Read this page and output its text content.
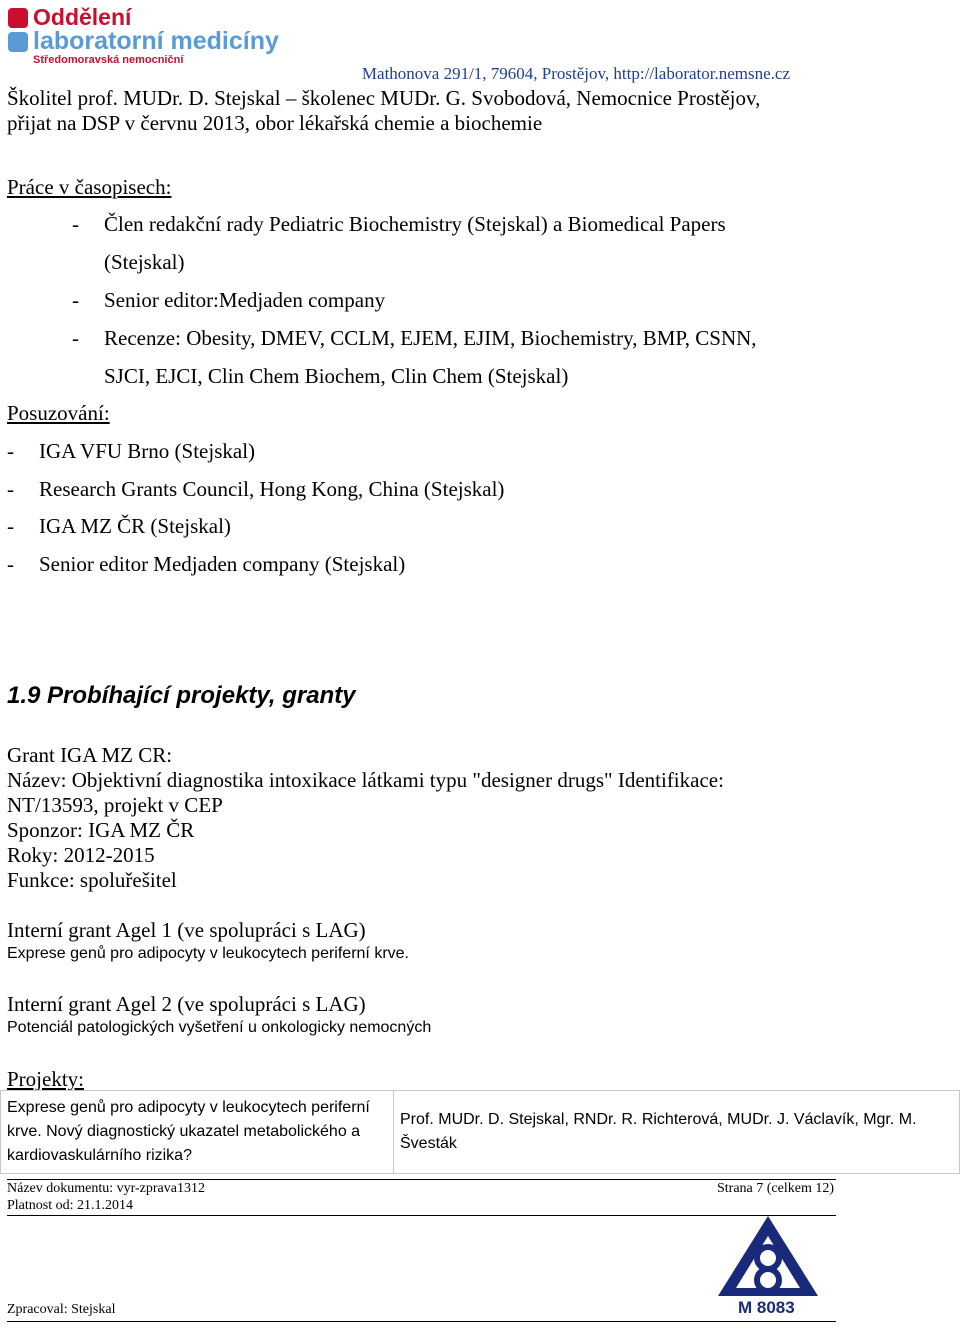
Oddělení
laboratorní medicíny
Středomoravská nemocniční
Mathonova 291/1, 79604, Prostějov, http://laborator.nemsne.cz
Školitel prof. MUDr. D. Stejskal – školenec MUDr. G. Svobodová, Nemocnice Prostějov,
přijat na DSP v červnu 2013, obor lékařská chemie a biochemie
Práce v časopisech:
- Člen redakční rady Pediatric Biochemistry (Stejskal) a Biomedical Papers
(Stejskal)
- Senior editor:Medjaden company
- Recenze: Obesity, DMEV, CCLM, EJEM, EJIM, Biochemistry, BMP, CSNN,
SJCI, EJCI, Clin Chem Biochem, Clin Chem (Stejskal)
Posuzování:
- IGA VFU Brno (Stejskal)
- Research Grants Council, Hong Kong, China (Stejskal)
- IGA MZ ČR (Stejskal)
- Senior editor Medjaden company (Stejskal)
1.9 Probíhající projekty, granty
Grant IGA MZ CR:
Název: Objektivní diagnostika intoxikace látkami typu "designer drugs" Identifikace:
NT/13593, projekt v CEP
Sponzor: IGA MZ ČR
Roky: 2012-2015
Funkce: spoluřešitel
Interní grant Agel 1 (ve spolupráci s LAG)
Exprese genů pro adipocyty v leukocytech periferní krve.
Interní grant Agel 2 (ve spolupráci s LAG)
Potenciál patologických vyšetření u onkologicky nemocných
Projekty:
Exprese genů pro adipocyty v leukocytech periferní krve. Nový diagnostický ukazatel metabolického a kardiovaskulárního rizika?	Prof. MUDr. D. Stejskal, RNDr. R. Richterová, MUDr. J. Václavík, Mgr. M. Švesták
Název dokumentu: vyr-zprava1312	Strana 7 (celkem 12)
Platnost od: 21.1.2014
Zpracoval: Stejskal	M 8083
